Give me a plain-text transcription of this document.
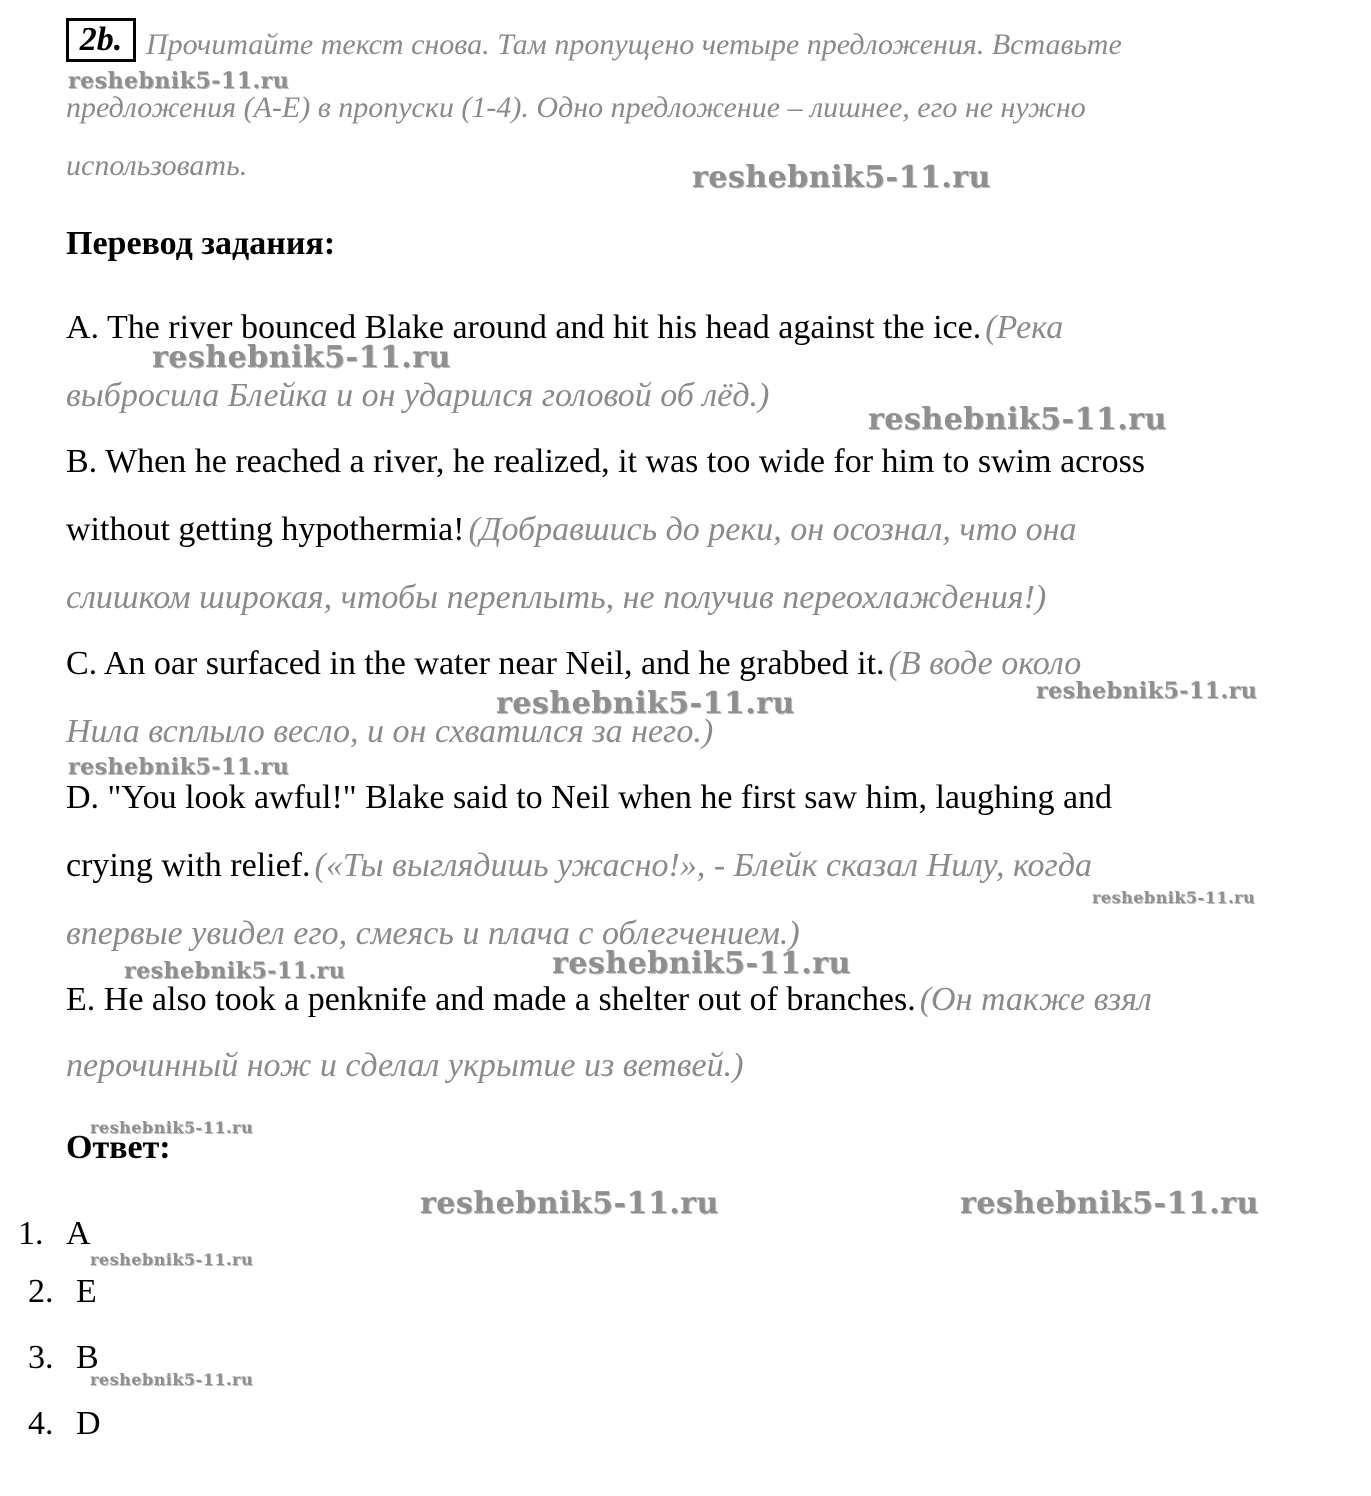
2b. Прочитайте текст снова. Там пропущено четыре предложения. Вставьте
предложения (A-E) в пропуски (1-4). Одно предложение – лишнее, его не нужно
использовать.
Перевод задания:
A. The river bounced Blake around and hit his head against the ice. (Река
выбросила Блейка и он ударился головой об лёд.)
B. When he reached a river, he realized, it was too wide for him to swim across
without getting hypothermia! (Добравшись до реки, он осознал, что она
слишком широкая, чтобы переплыть, не получив переохлаждения!)
C. An oar surfaced in the water near Neil, and he grabbed it. (В воде около
Нила всплыло весло, и он схватился за него.)
D. "You look awful!" Blake said to Neil when he first saw him, laughing and
crying with relief. («Ты выглядишь ужасно!», - Блейк сказал Нилу, когда
впервые увидел его, смеясь и плача с облегчением.)
E. He also took a penknife and made a shelter out of branches. (Он также взял
перочинный нож и сделал укрытие из ветвей.)
Ответ:
1. A
2. E
3. B
4. D
reshebnik5-11.ru
reshebnik5-11.ru
reshebnik5-11.ru
reshebnik5-11.ru
reshebnik5-11.ru
reshebnik5-11.ru
reshebnik5-11.ru
reshebnik5-11.ru
reshebnik5-11.ru	reshebnik5-11.ru
reshebnik5-11.ru
reshebnik5-11.ru	reshebnik5-11.ru
reshebnik5-11.ru
reshebnik5-11.ru
